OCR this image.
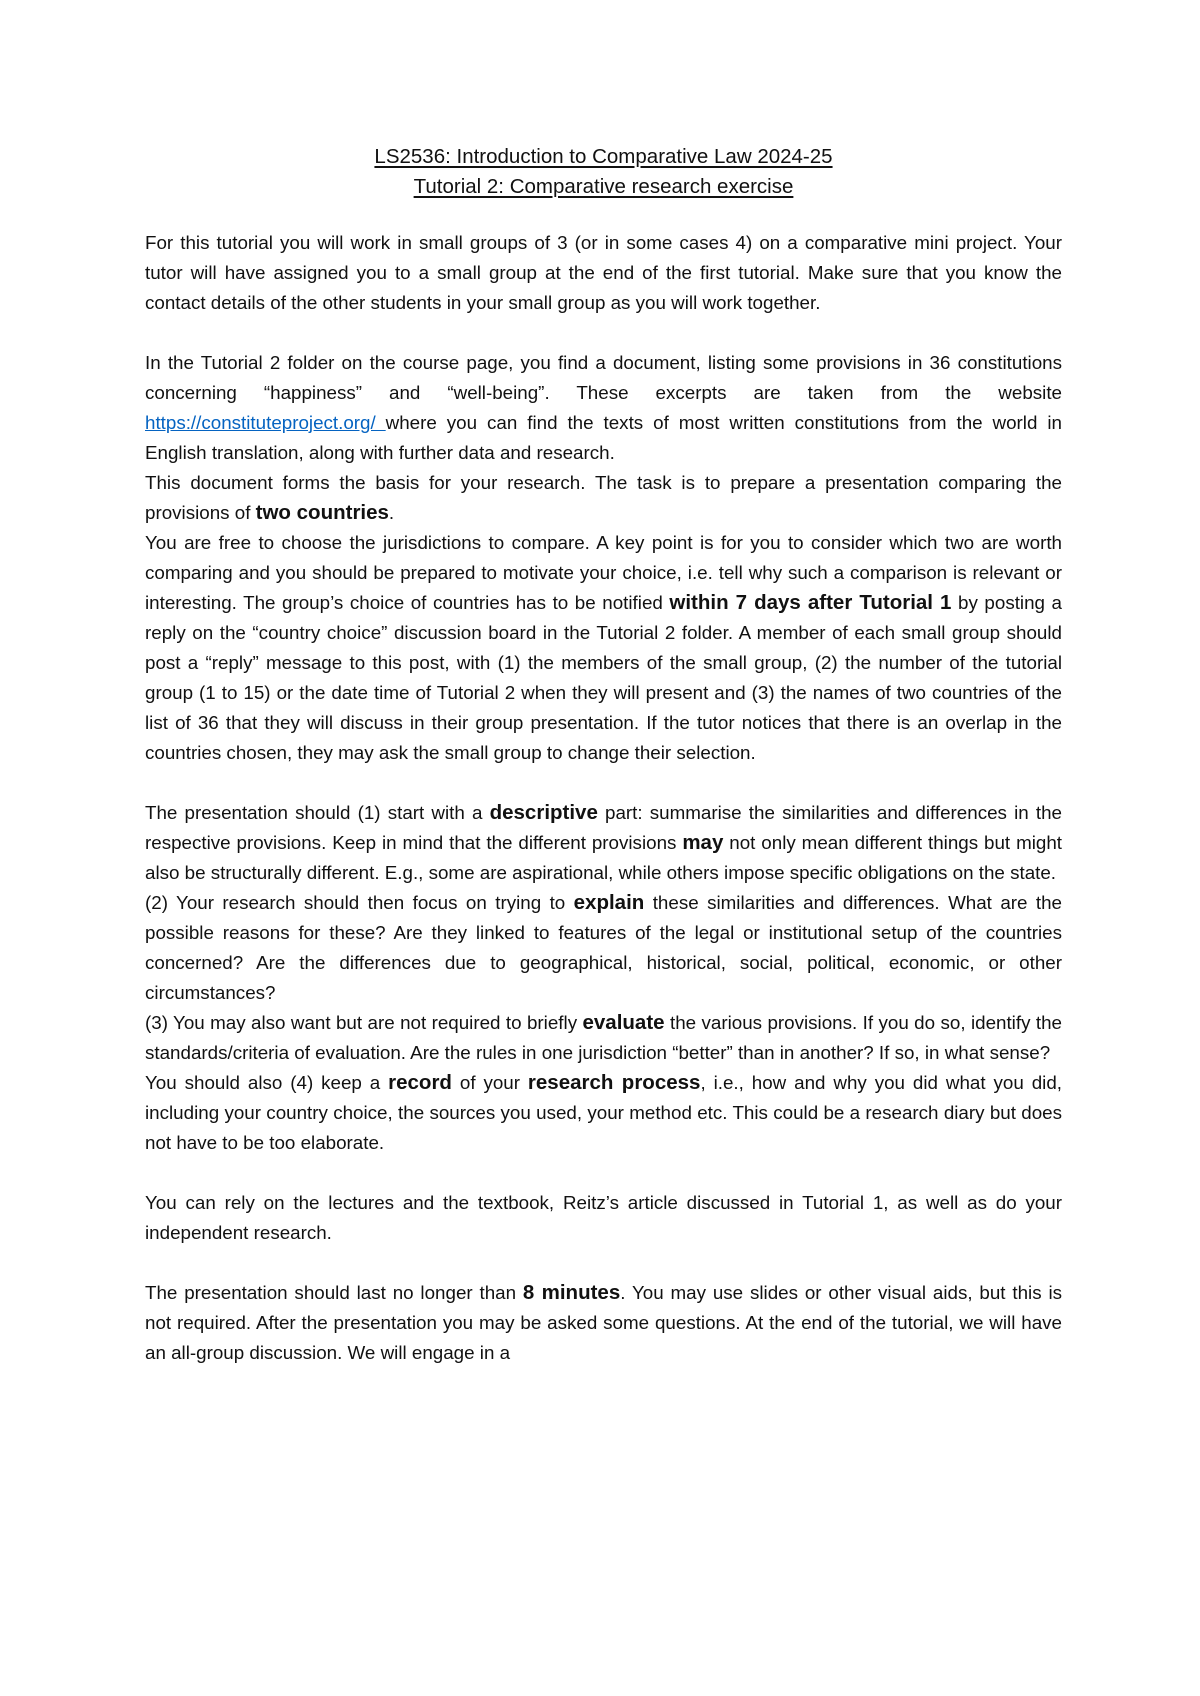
LS2536: Introduction to Comparative Law 2024-25
Tutorial 2: Comparative research exercise

For this tutorial you will work in small groups of 3 (or in some cases 4) on a comparative mini project. Your tutor will have assigned you to a small group at the end of the first tutorial. Make sure that you know the contact details of the other students in your small group as you will work together.

In the Tutorial 2 folder on the course page, you find a document, listing some provisions in 36 constitutions concerning “happiness” and “well-being”. These excerpts are taken from the website https://constituteproject.org/ where you can find the texts of most written constitutions from the world in English translation, along with further data and research.

This document forms the basis for your research. The task is to prepare a presentation comparing the provisions of two countries.

You are free to choose the jurisdictions to compare. A key point is for you to consider which two are worth comparing and you should be prepared to motivate your choice, i.e. tell why such a comparison is relevant or interesting. The group’s choice of countries has to be notified within 7 days after Tutorial 1 by posting a reply on the “country choice” discussion board in the Tutorial 2 folder. A member of each small group should post a “reply” message to this post, with (1) the members of the small group, (2) the number of the tutorial group (1 to 15) or the date time of Tutorial 2 when they will present and (3) the names of two countries of the list of 36 that they will discuss in their group presentation. If the tutor notices that there is an overlap in the countries chosen, they may ask the small group to change their selection.

The presentation should (1) start with a descriptive part: summarise the similarities and differences in the respective provisions. Keep in mind that the different provisions may not only mean different things but might also be structurally different. E.g., some are aspirational, while others impose specific obligations on the state.

(2) Your research should then focus on trying to explain these similarities and differences. What are the possible reasons for these? Are they linked to features of the legal or institutional setup of the countries concerned? Are the differences due to geographical, historical, social, political, economic, or other circumstances?

(3) You may also want but are not required to briefly evaluate the various provisions. If you do so, identify the standards/criteria of evaluation. Are the rules in one jurisdiction “better” than in another? If so, in what sense?

You should also (4) keep a record of your research process, i.e., how and why you did what you did, including your country choice, the sources you used, your method etc. This could be a research diary but does not have to be too elaborate.

You can rely on the lectures and the textbook, Reitz’s article discussed in Tutorial 1, as well as do your independent research.

The presentation should last no longer than 8 minutes. You may use slides or other visual aids, but this is not required. After the presentation you may be asked some questions. At the end of the tutorial, we will have an all-group discussion. We will engage in a
